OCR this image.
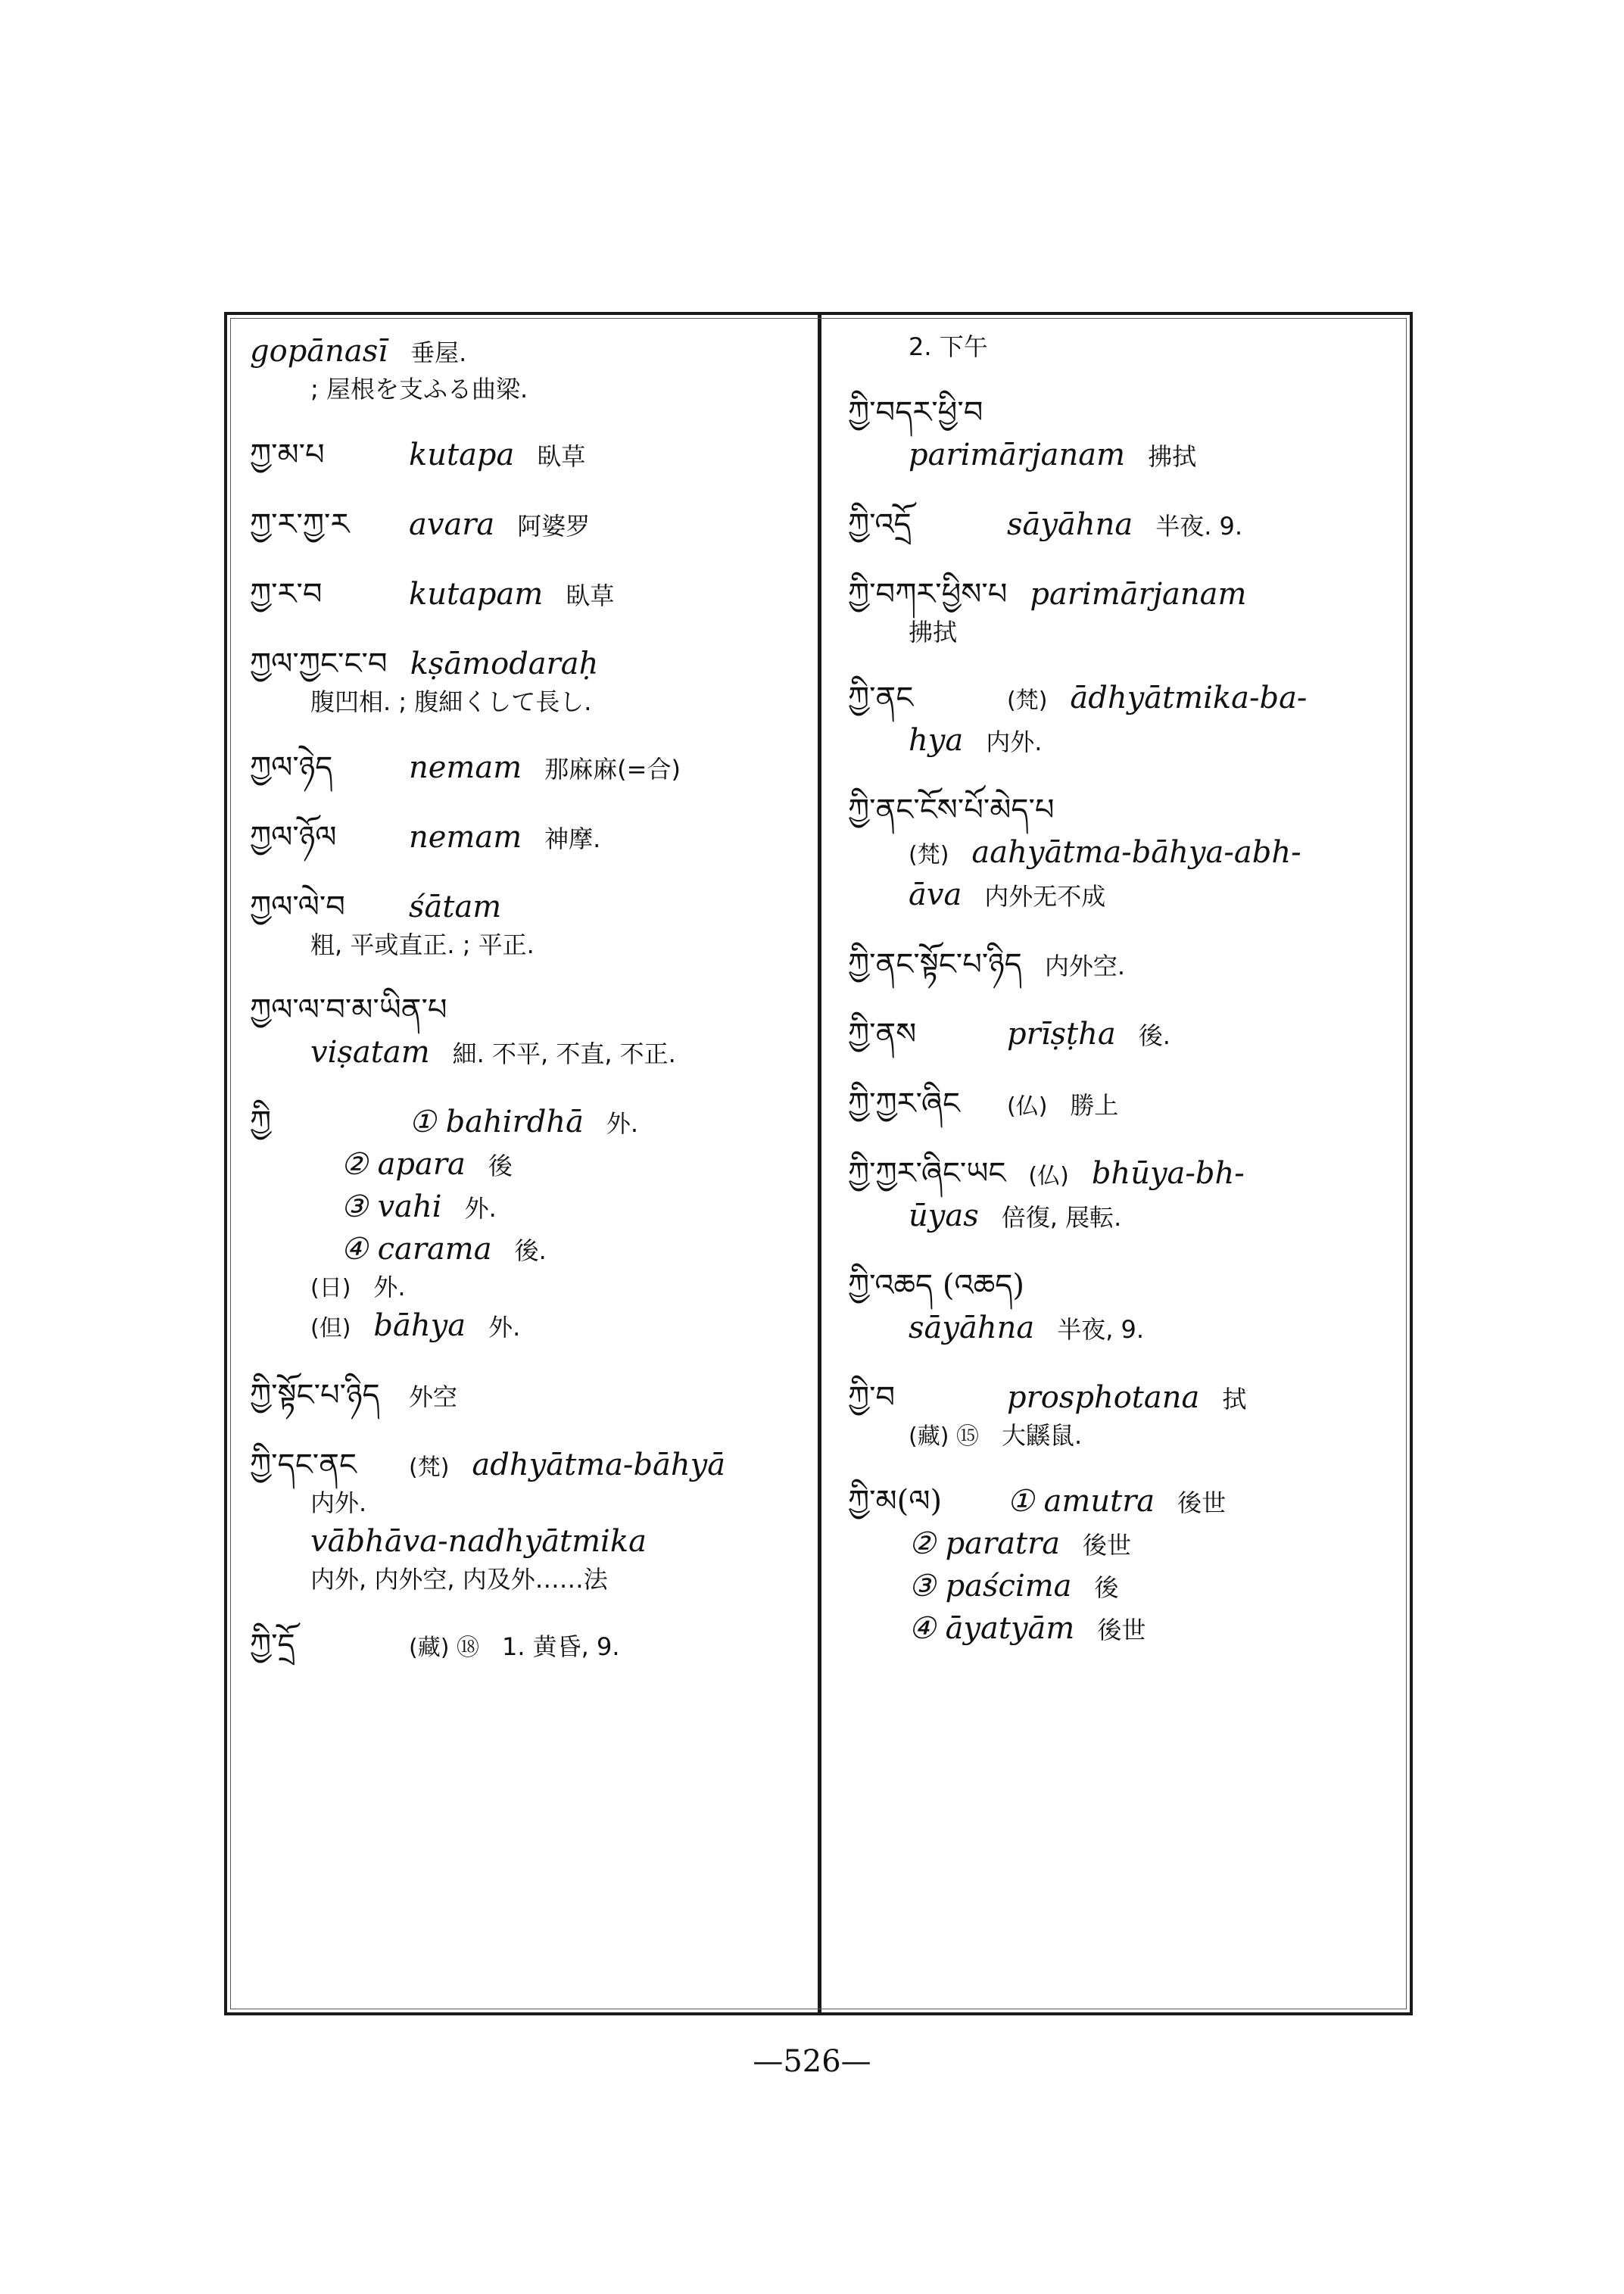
gopānasī 垂屋.
; 屋根を支ふる曲梁.
ཀྱ་མ་པ	kutapa 臥草
ཀྱ་ར་ཀྱ་ར	avara 阿婆罗
ཀྱ་ར་བ	kutapam 臥草
ཀྱལ་ཀྱང་ང་བ kṣāmodaraḥ
腹凹相. ; 腹細くして長し.
ཀྱལ་ཉེད	nemam 那麻麻(=合)
ཀྱལ་ཉོལ	nemam 神摩.
ཀྱལ་ལེ་བ	śātam
粗, 平或直正. ; 平正.
ཀྱལ་ལ་བ་མ་ཡིན་པ
viṣatam 細. 不平, 不直, 不正.
ཀྱི	① bahirdhā 外.
② apara 後
③ vahi 外.
④ carama 後.
(日) 外.
(但) bāhya 外.
ཀྱི་སྟོང་པ་ཉིད 外空
ཀྱི་དང་ནང	(梵) adhyātma-bāhyā
内外.
vābhāva-nadhyātmika
内外, 内外空, 内及外……法
ཀྱི་དྲོ	(藏) ⑱ 1. 黄昏, 9.
2. 下午
ཀྱི་བདར་ཕྱི་བ
parimārjanam 拂拭
ཀྱི་འདྲོ	sāyāhna 半夜. 9.
ཀྱི་བཀར་ཕྱིས་པ parimārjanam
拂拭
ཀྱི་ནང	(梵) ādhyātmika-ba-
hya 内外.
ཀྱི་ནང་ངོས་པོ་མེད་པ
(梵) aahyātma-bāhya-abh-
āva 内外无不成
ཀྱི་ནང་སྟོང་པ་ཉིད 内外空.
ཀྱི་ནས	prīṣṭha 後.
ཀྱི་ཀྱར་ཞིང	(仏) 勝上
ཀྱི་ཀྱར་ཞིང་ཡང (仏) bhūya-bh-
ūyas 倍復, 展転.
ཀྱི་འཆད (འཆད)
sāyāhna 半夜, 9.
ཀྱི་བ	prosphotana 拭
(藏) ⑮ 大鼷鼠.
ཀྱི་མ(ལ)	① amutra 後世
② paratra 後世
③ paścima 後
④ āyatyām 後世
—526—
